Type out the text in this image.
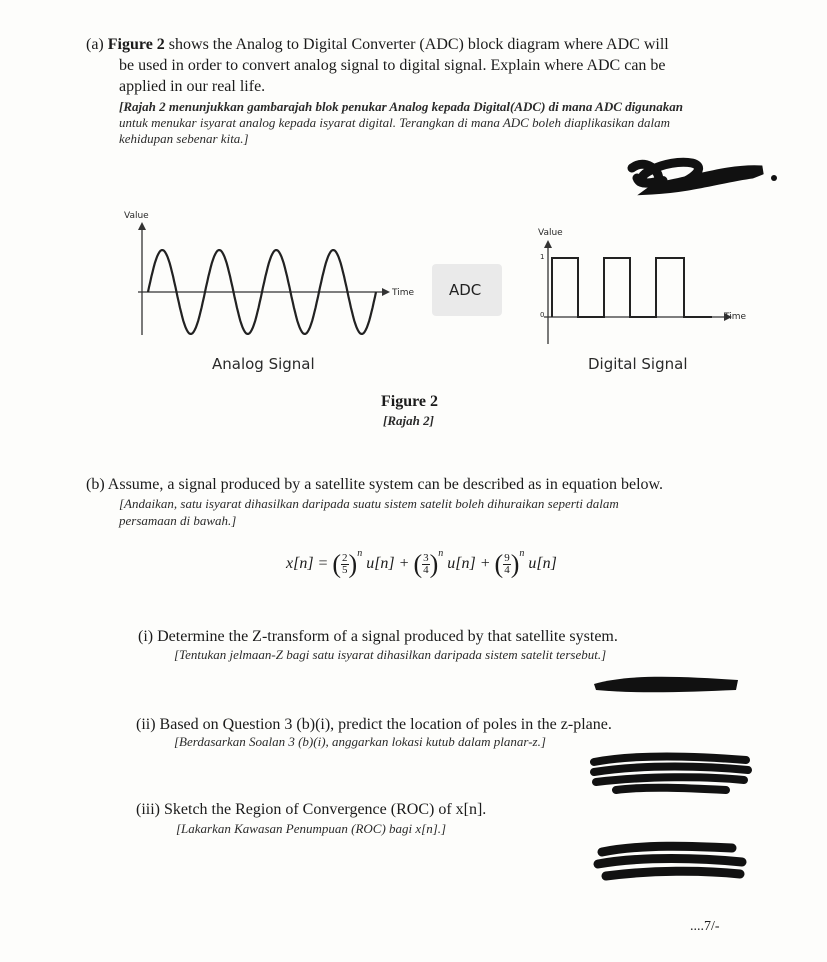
(a) Figure 2 shows the Analog to Digital Converter (ADC) block diagram where ADC will
be used in order to convert analog signal to digital signal. Explain where ADC can be
applied in our real life.
[Rajah 2 menunjukkan gambarajah blok penukar Analog kepada Digital(ADC) di mana ADC digunakan
untuk menukar isyarat analog kepada isyarat digital. Terangkan di mana ADC boleh diaplikasikan dalam
kehidupan sebenar kita.]
Value
Time
Analog Signal
ADC
Value
1
0	Time
Digital Signal
Figure 2
[Rajah 2]
(b) Assume, a signal produced by a satellite system can be described as in equation below.
[Andaikan, satu isyarat dihasilkan daripada suatu sistem satelit boleh dihuraikan seperti dalam
persamaan di bawah.]
x[n] = ( $\frac{2}{5} )^n$ u[n] + ( $\frac{3}{4} )^n$ u[n] + ( $\frac{9}{4} )^n$ u[n]
(i) Determine the Z-transform of a signal produced by that satellite system.
[Tentukan jelmaan-Z bagi satu isyarat dihasilkan daripada sistem satelit tersebut.]
(ii) Based on Question 3 (b)(i), predict the location of poles in the z-plane.
[Berdasarkan Soalan 3 (b)(i), anggarkan lokasi kutub dalam planar-z.]
(iii) Sketch the Region of Convergence (ROC) of x[n].
[Lakarkan Kawasan Penumpuan (ROC) bagi x[n].]
....7/-
